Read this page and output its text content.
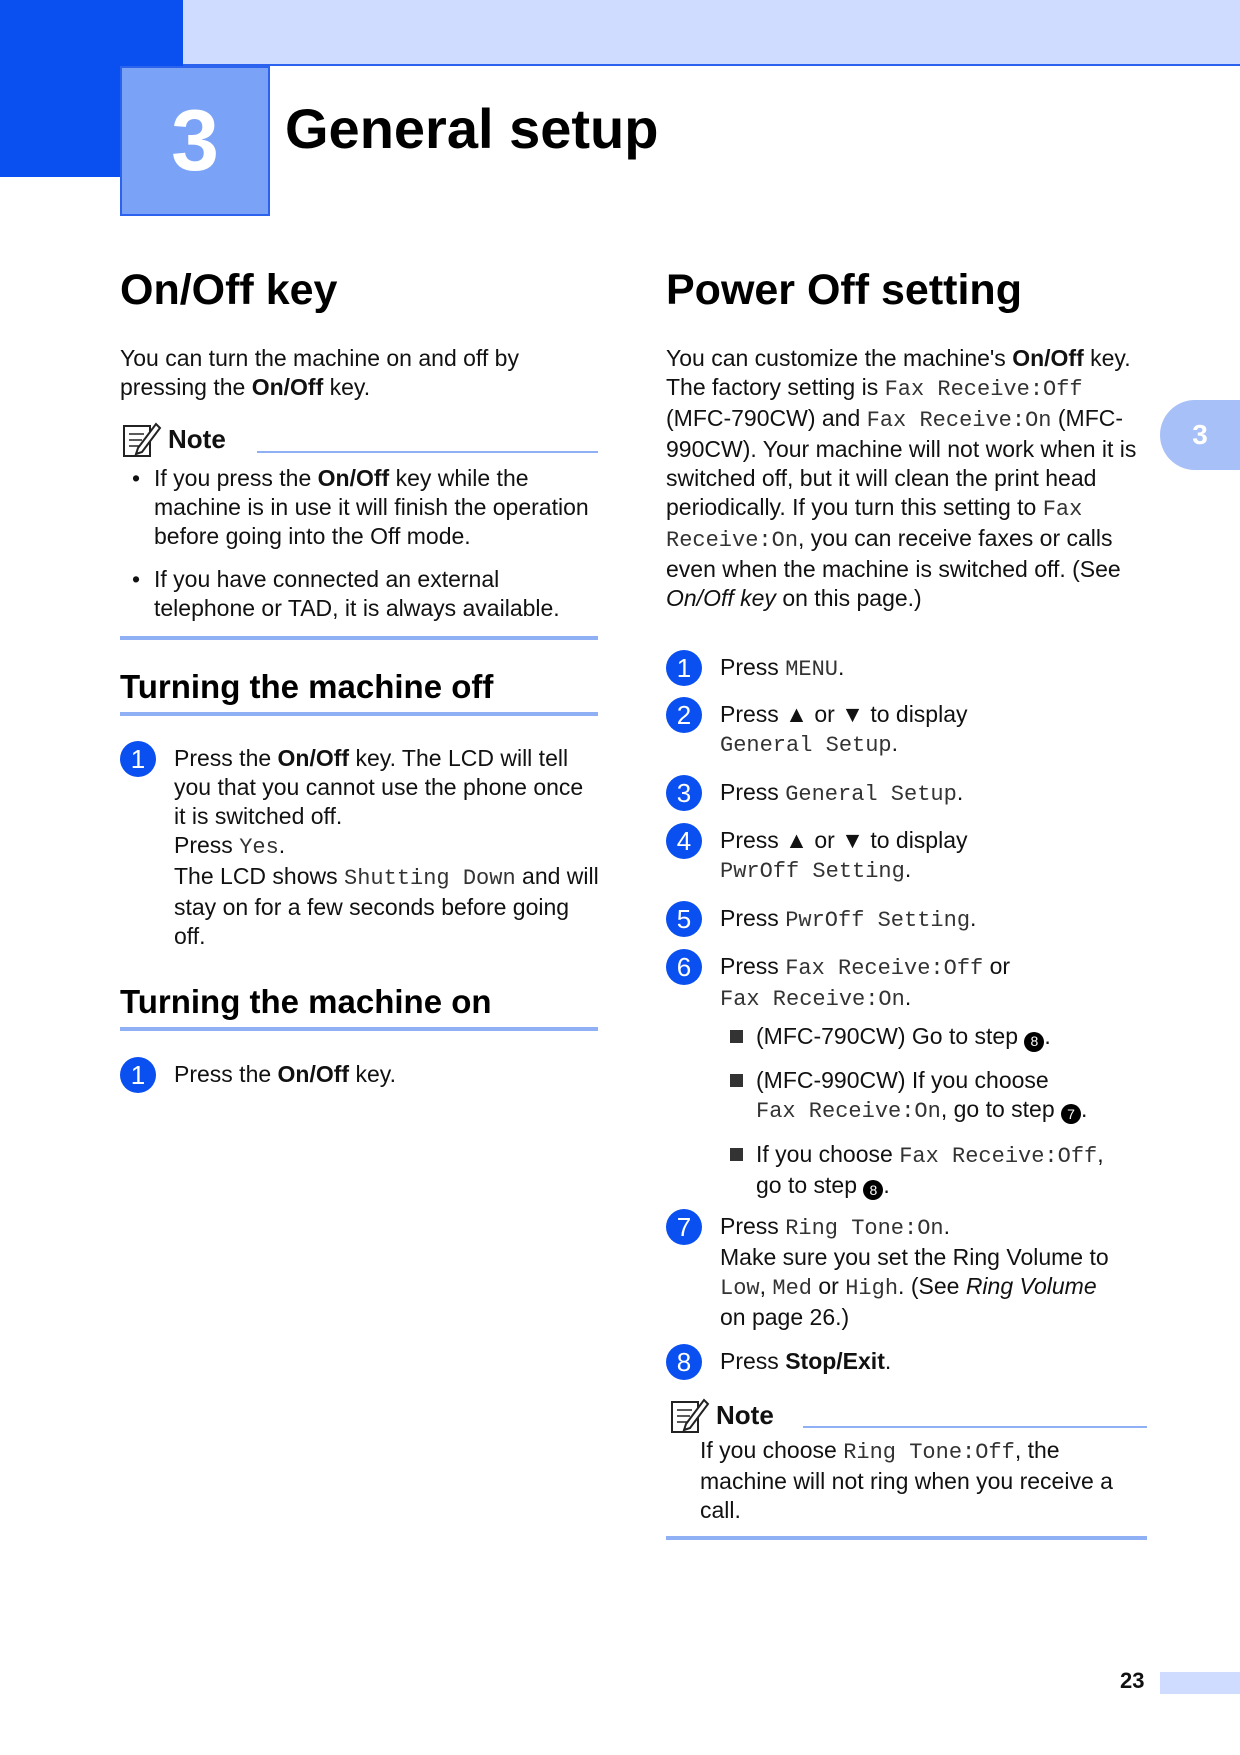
3 General setup
3
On/Off key
You can turn the machine on and off by pressing the On/Off key.
Note
• If you press the On/Off key while the machine is in use it will finish the operation before going into the Off mode.
• If you have connected an external telephone or TAD, it is always available.
Turning the machine off
1	Press the On/Off key. The LCD will tell you that you cannot use the phone once it is switched off.
Press Yes.
The LCD shows Shutting Down and will stay on for a few seconds before going off.
Turning the machine on
1	Press the On/Off key.
Power Off setting
You can customize the machine's On/Off key. The factory setting is Fax Receive:Off (MFC-790CW) and Fax Receive:On (MFC-990CW). Your machine will not work when it is switched off, but it will clean the print head periodically. If you turn this setting to Fax Receive:On, you can receive faxes or calls even when the machine is switched off. (See On/Off key on this page.)
1	Press MENU.
2	Press ▲ or ▼ to display
General Setup.
3	Press General Setup.
4	Press ▲ or ▼ to display
PwrOff Setting.
5	Press PwrOff Setting.
6	Press Fax Receive:Off or
Fax Receive:On.
(MFC-790CW) Go to step 8 .
(MFC-990CW) If you choose
Fax Receive:On, go to step 7 .
If you choose Fax Receive:Off,
go to step 8 .
7	Press Ring Tone:On.
Make sure you set the Ring Volume to
Low, Med or High. (See Ring Volume
on page 26.)
8	Press Stop/Exit.
Note
If you choose Ring Tone:Off, the machine will not ring when you receive a call.
23
